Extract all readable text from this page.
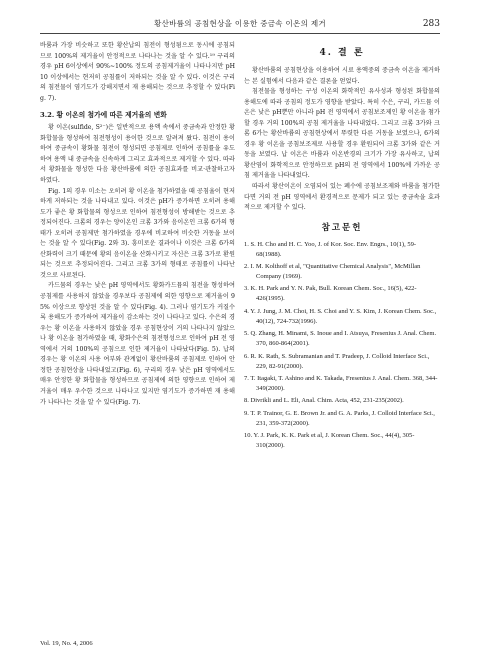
황산바륨의 공침현상을 이용한 중금속 이온의 제거	283

바륨과 가장 비슷하고 또한 황산납의 침전이 형성됨으로 동시에 공침되므로 100%의 제거율이 안정적으로 나타나는 것을 알 수 있다.¹⁹ 구리의 경우 pH 6이상에서 90%~100% 정도의 공침제거율이 나타나지만 pH 10 이상에서는 현저히 공침률이 저하되는 것을 알 수 있다. 이것은 구리의 침전물이 염기도가 강해지면서 재 용해되는 것으로 추정할 수 있다(Fig. 7).

3.2. 황 이온의 첨가에 따른 제거율의 변화

황 이온(sulfide, S²⁻)은 일반적으로 용액 속에서 중금속과 안정한 황 화합물을 형성하여 침전형성이 용이한 것으로 알려져 왔다. 침전이 용이하여 중금속이 황화물 침전이 형성되면 공침제로 인하여 공침률을 유도하여 용액 내 중금속을 신속하게 그리고 효과적으로 제거할 수 있다. 따라서 황화물을 형성한 다음 황산바륨에 의한 공침효과를 비교·관찰하고자 하였다.

Fig. 1의 경우 미소는 오히려 황 이온을 첨가하였을 때 공침율이 현저하게 저하되는 것을 나타내고 있다. 이것은 pH가 증가하면 오히려 용해도가 좋은 황 화합물의 형성으로 인하여 침전형성이 방해받는 것으로 추정되어진다. 크롬의 경우는 양이온인 크롬 3가와 음이온인 크롬 6가의 형태가 오히려 공침제만 첨가하였을 경우에 비교하여 비슷한 거동을 보이는 것을 알 수 있다(Fig. 2와 3). 흥미로운 결과이나 이것은 크롬 6가의 산화력이 크기 때문에 황의 음이온을 산화시키고 자신은 크롬 3가로 환원되는 것으로 추정되어진다. 그리고 크롬 3가의 형태로 공침률이 나타난 것으로 사료된다.

카드뮴의 경우는 낮은 pH 영역에서도 황화카드뮴의 침전을 형성하여 공침제를 사용하지 않았을 경우보다 공침제에 의한 영향으로 제거율이 95% 이상으로 향상된 것을 알 수 있다(Fig. 4). 그러나 염기도가 커질수록 용해도가 증가하여 제거율이 감소하는 것이 나타나고 있다. 수은의 경우는 황 이온을 사용하지 않았을 경우 공침현상이 거의 나타나지 않았으나 황 이온을 첨가하였을 때, 황화수은의 침전형성으로 인하여 pH 전 영역에서 거의 100%의 공침으로 인한 제거율이 나타났다(Fig. 5). 납의 경우는 황 이온의 사용 여부와 관계없이 황산바륨의 공침제로 인하여 안정한 공침현상을 나타내었고(Fig. 6), 구리의 경우 낮은 pH 영역에서도 매우 안정한 황 화합물을 형성하므로 공침제에 의한 영향으로 인하여 제거율이 매우 우수한 것으로 나타나고 있지만 염기도가 증가하면 재 용해가 나타나는 것을 알 수 있다(Fig. 7).

4. 결 론

황산바륨의 공침현상을 이용하여 시료 용액중의 중금속 이온을 제거하는 본 실험에서 다음과 같은 결론을 얻었다.

침전물을 형성하는 구성 이온의 화학적인 유사성과 형성된 화합물의 용해도에 따라 공침의 정도가 영향을 받았다. 특히 수은, 구리, 카드뮴 이온은 낮은 pH뿐만 아니라 pH 전 영역에서 공침보조제인 황 이온을 첨가할 경우 거의 100%의 공침 제거율을 나타내었다. 그리고 크롬 3가와 크롬 6가는 황산바륨의 공침현상에서 뚜렷한 다른 거동을 보였으나, 6가의 경우 황 이온을 공침보조제로 사용할 경우 환원되어 크롬 3가와 같은 거동을 보였다. 납 이온은 바륨과 이온반경의 크기가 가장 유사하고, 납의 황산염이 화학적으로 안정하므로 pH의 전 영역에서 100%에 가까운 공침 제거율을 나타내었다.

따라서 황산이온이 오염되어 있는 폐수에 공침보조제와 바륨을 첨가한다면 거의 전 pH 영역에서 환경적으로 문제가 되고 있는 중금속을 효과적으로 제거할 수 있다.

참고문헌
1. S. H. Cho and H. C. Yoo, J. of Kor. Soc. Env. Engrs., 10(1), 59-68(1988).
2. I. M. Kolthoff et al, "Quantitative Chemical Analysis", McMillan Company (1969).
3. K. H. Park and Y. N. Pak, Bull. Korean Chem. Soc., 16(5), 422-426(1995).
4. Y. J. Jung, J. M. Choi, H. S. Choi and Y. S. Kim, J. Korean Chem. Soc., 40(12), 724-732(1996).
5. Q. Zhang, H. Minami, S. Inoue and I. Atsuya, Fresenius J. Anal. Chem. 370, 860-864(2001).
6. R. K. Rath, S. Subramanian and T. Pradeep, J. Colloid Interface Sci., 229, 82-91(2000).
7. T. Itagaki, T. Ashino and K. Takada, Fresenius J. Anal. Chem. 368, 344-349(2000).
8. Divrikli and L. Eli, Anal. Chim. Acta, 452, 231-235(2002).
9. T. P. Trainor, G. E. Brown Jr. and G. A. Parks, J. Colloid Interface Sci., 231, 359-372(2000).
10. Y. J. Park, K. K. Park et al, J. Korean Chem. Soc., 44(4), 305-310(2000).
Vol. 19, No. 4, 2006
